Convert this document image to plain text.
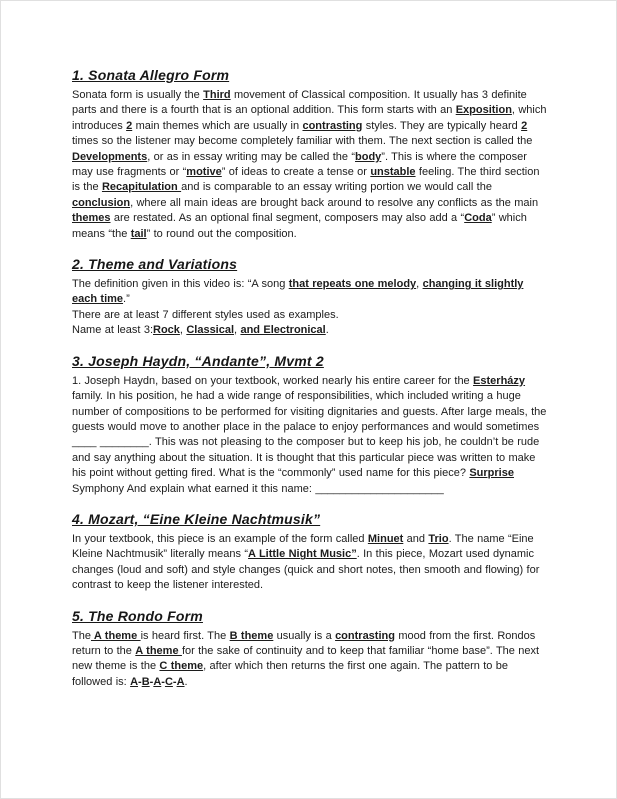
1. Sonata Allegro Form

Sonata form is usually the Third movement of Classical composition. It usually has 3 definite parts and there is a fourth that is an optional addition. This form starts with an Exposition, which introduces 2 main themes which are usually in contrasting styles. They are typically heard 2 times so the listener may become completely familiar with them. The next section is called the Developments, or as in essay writing may be called the “body”. This is where the composer may use fragments or “motive” of ideas to create a tense or unstable feeling. The third section is the Recapitulation and is comparable to an essay writing portion we would call the conclusion, where all main ideas are brought back around to resolve any conflicts as the main themes are restated. As an optional final segment, composers may also add a “Coda” which means “the tail” to round out the composition.

2. Theme and Variations

The definition given in this video is: “A song that repeats one melody, changing it slightly each time.”

There are at least 7 different styles used as examples.

Name at least 3:Rock, Classical, and Electronical.

3. Joseph Haydn, “Andante”, Mvmt 2

1. Joseph Haydn, based on your textbook, worked nearly his entire career for the Esterházy family. In his position, he had a wide range of responsibilities, which included writing a huge number of compositions to be performed for visiting dignitaries and guests. After large meals, the guests would move to another place in the palace to enjoy performances and would sometimes ____ ________. This was not pleasing to the composer but to keep his job, he couldn’t be rude and say anything about the situation. It is thought that this particular piece was written to make his point without getting fired. What is the “commonly” used name for this piece? Surprise Symphony And explain what earned it this name: _____________________

4. Mozart, “Eine Kleine Nachtmusik”

In your textbook, this piece is an example of the form called Minuet and Trio. The name “Eine Kleine Nachtmusik” literally means “A Little Night Music”. In this piece, Mozart used dynamic changes (loud and soft) and style changes (quick and short notes, then smooth and flowing) for contrast to keep the listener interested.

5. The Rondo Form

The A theme is heard first. The B theme usually is a contrasting mood from the first. Rondos return to the A theme for the sake of continuity and to keep that familiar “home base”. The next new theme is the C theme, after which then returns the first one again. The pattern to be followed is: A-B-A-C-A.
